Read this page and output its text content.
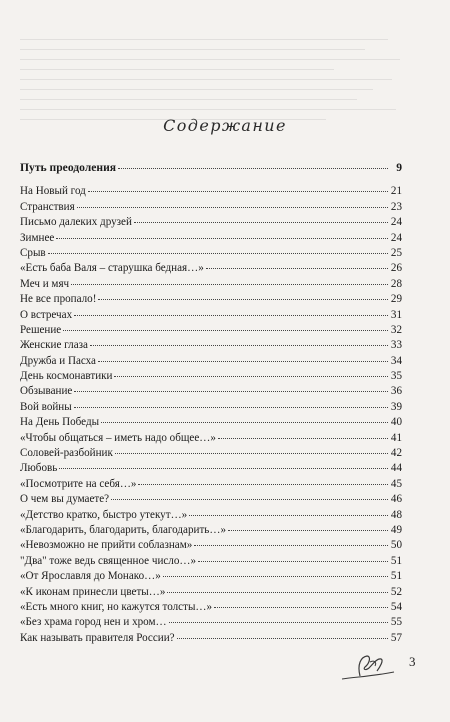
Содержание
Путь преодоления	9
На Новый год	21
Странствия	23
Письмо далеких друзей	24
Зимнее	24
Срыв	25
«Есть баба Валя – старушка бедная…»	26
Меч и мяч	28
Не все пропало!	29
О встречах	31
Решение	32
Женские глаза	33
Дружба и Пасха	34
День космонавтики	35
Обзывание	36
Вой войны	39
На День Победы	40
«Чтобы общаться – иметь надо общее…»	41
Соловей-разбойник	42
Любовь	44
«Посмотрите на себя…»	45
О чем вы думаете?	46
«Детство кратко, быстро утекут…»	48
«Благодарить, благодарить, благодарить…»	49
«Невозможно не прийти соблазнам»	50
"Два" тоже ведь священное число…»	51
«От Ярославля до Монако…»	51
«К иконам принесли цветы…»	52
«Есть много книг, но кажутся толсты…»	54
«Без храма город нен и хром…	55
Как называть правителя России?	57
3
